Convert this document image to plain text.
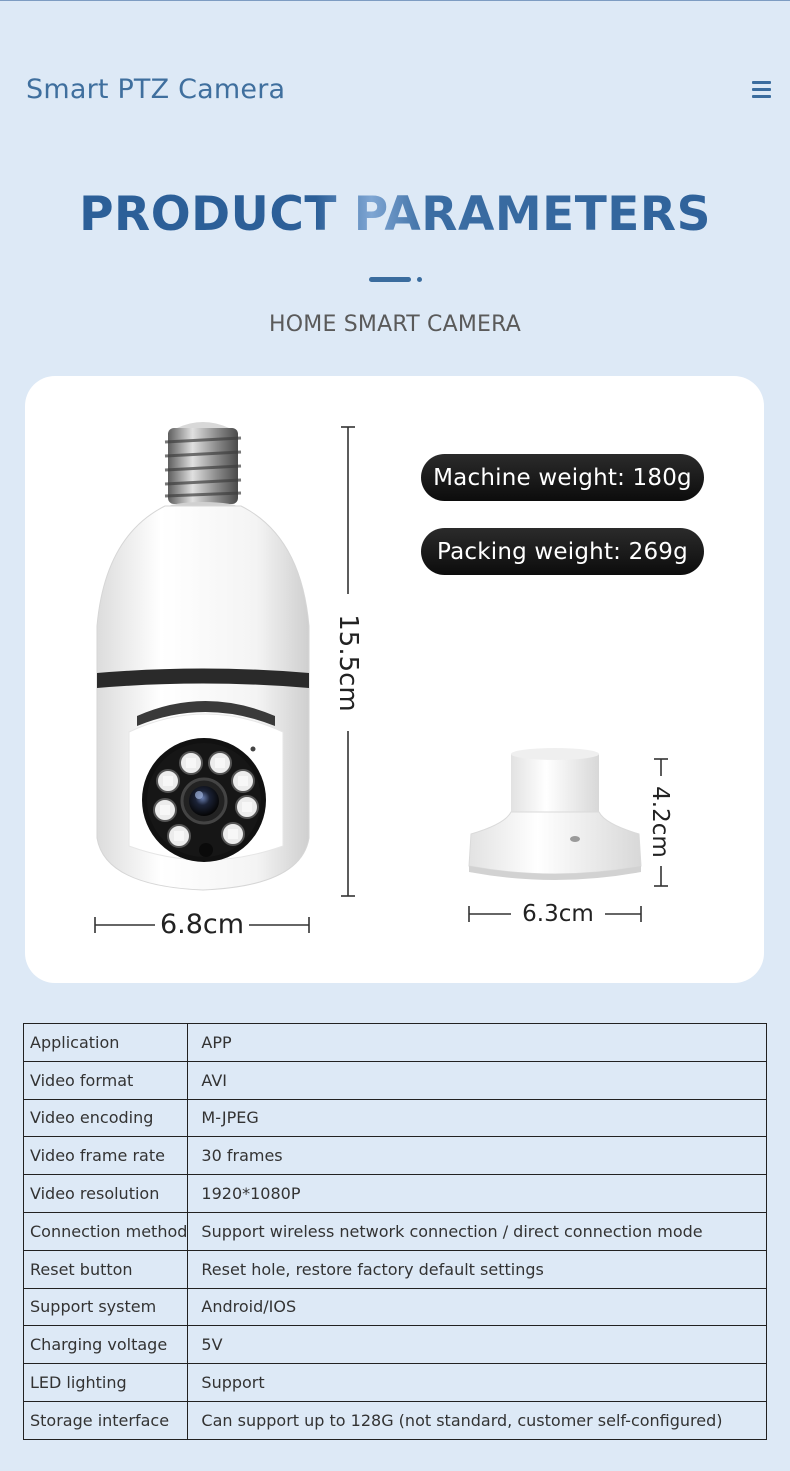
Smart PTZ Camera
PRODUCT PARAMETERS
HOME SMART CAMERA
Machine weight: 180g
Packing weight: 269g
15.5cm
6.8cm
4.2cm
6.3cm
Application	APP
Video format	AVI
Video encoding	M-JPEG
Video frame rate	30 frames
Video resolution	1920*1080P
Connection method	Support wireless network connection / direct connection mode
Reset button	Reset hole, restore factory default settings
Support system	Android/IOS
Charging voltage	5V
LED lighting	Support
Storage interface	Can support up to 128G (not standard, customer self-configured)
